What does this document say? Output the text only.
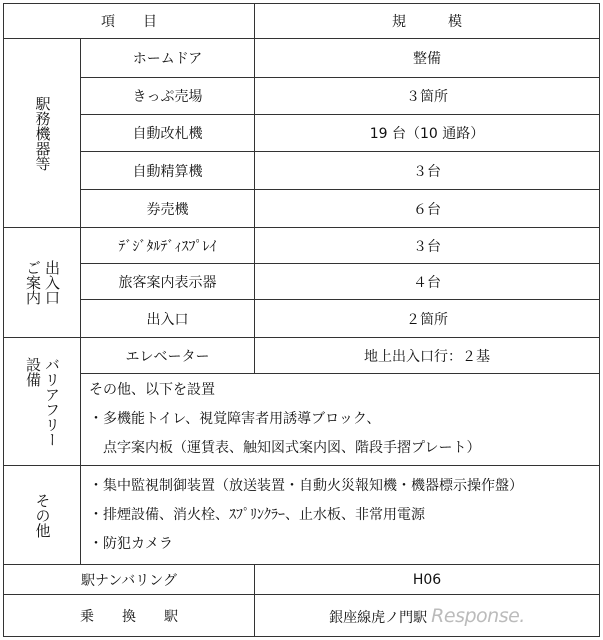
項　　目		規　　　模

駅務機器等	ホームドア	整備
	きっぷ売場	３箇所
	自動改札機	19 台（10 通路）
	自動精算機	３台
	券売機	６台

ご案内 出入口	ﾃﾞｼﾞﾀﾙﾃﾞｨｽﾌﾟﾚｲ	３台
	旅客案内表示器	４台
	出入口	２箇所

設備 バリアフリー	エレベーター	地上出入口行：２基

	その他、以下を設置
・多機能トイレ、視覚障害者用誘導ブロック、
　点字案内板（運賃表、触知図式案内図、階段手摺プレート）	

その他	・集中監視制御装置（放送装置・自動火災報知機・機器標示操作盤）
・排煙設備、消火栓、ｽﾌﾟﾘﾝｸﾗｰ、止水板、非常用電源
・防犯カメラ	

駅ナンバリング		H06
乗　　換　　駅		銀座線虎ノ門駅 Response.
